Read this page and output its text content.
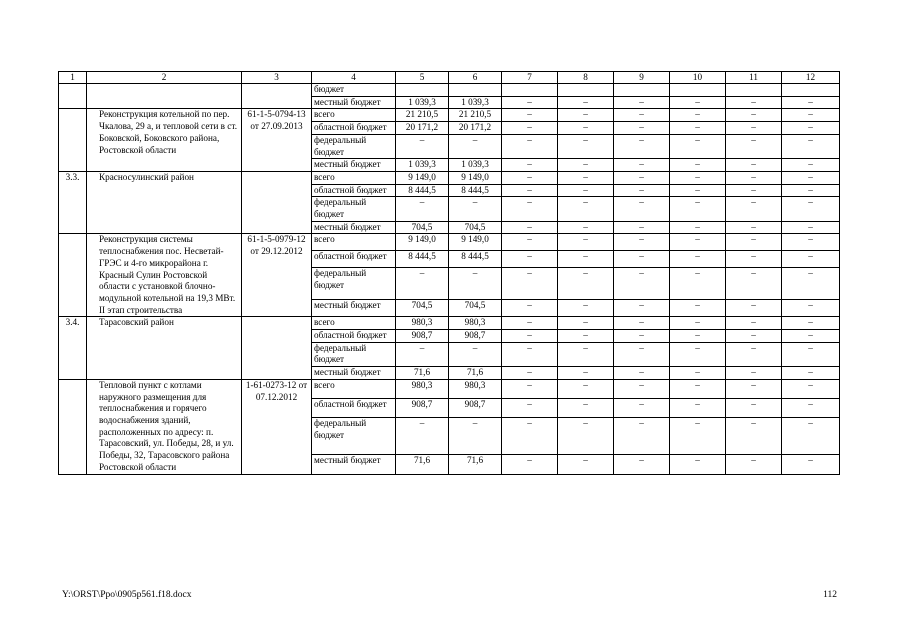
1	2	3	4	5	6	7	8	9	10	11	12
			бюджет								
			местный бюджет	1 039,3	1 039,3	–	–	–	–	–	–
	Реконструкция котельной по пер. Чкалова, 29 а, и тепловой сети в ст. Боковской, Боковского района, Ростовской области	61-1-5-0794-13 от 27.09.2013	всего	21 210,5	21 210,5	–	–	–	–	–	–
			областной бюджет	20 171,2	20 171,2	–	–	–	–	–	–
			федеральный бюджет	–	–	–	–	–	–	–	–
			местный бюджет	1 039,3	1 039,3	–	–	–	–	–	–
3.3.	Красносулинский район		всего	9 149,0	9 149,0	–	–	–	–	–	–
			областной бюджет	8 444,5	8 444,5	–	–	–	–	–	–
			федеральный бюджет	–	–	–	–	–	–	–	–
			местный бюджет	704,5	704,5	–	–	–	–	–	–
	Реконструкция системы теплоснабжения пос. Несветай-ГРЭС и 4-го микрорайона г. Красный Сулин Ростовской области с установкой блочно-модульной котельной на 19,3 МВт. II этап строительства	61-1-5-0979-12 от 29.12.2012	всего	9 149,0	9 149,0	–	–	–	–	–	–
			областной бюджет	8 444,5	8 444,5	–	–	–	–	–	–
			федеральный бюджет	–	–	–	–	–	–	–	–
			местный бюджет	704,5	704,5	–	–	–	–	–	–
3.4.	Тарасовский район		всего	980,3	980,3	–	–	–	–	–	–
			областной бюджет	908,7	908,7	–	–	–	–	–	–
			федеральный бюджет	–	–	–	–	–	–	–	–
			местный бюджет	71,6	71,6	–	–	–	–	–	–
	Тепловой пункт с котлами наружного размещения для теплоснабжения и горячего водоснабжения зданий, расположенных по адресу: п. Тарасовский, ул. Победы, 28, и ул. Победы, 32, Тарасовского района Ростовской области	1-61-0273-12 от 07.12.2012	всего	980,3	980,3	–	–	–	–	–	–
			областной бюджет	908,7	908,7	–	–	–	–	–	–
			федеральный бюджет	–	–	–	–	–	–	–	–
			местный бюджет	71,6	71,6	–	–	–	–	–	–
Y:\ORST\Ppo\0905p561.f18.docx	112
